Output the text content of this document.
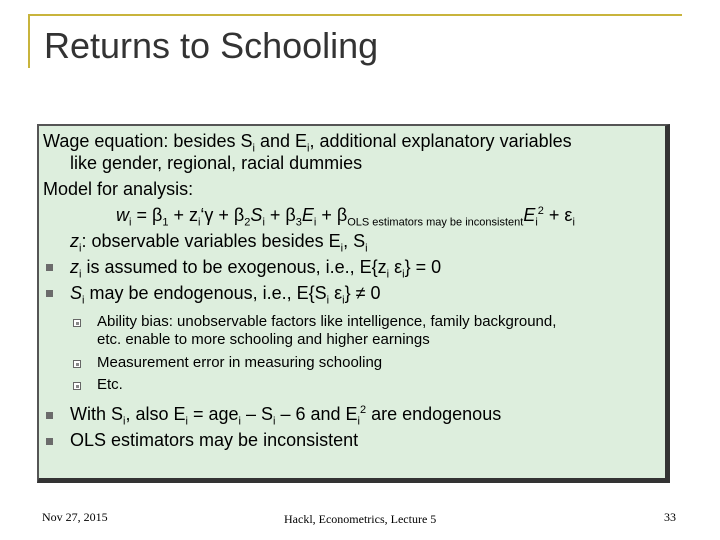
Returns to Schooling
Wage equation: besides $S_i$ and $E_i$, additional explanatory variables
like gender, regional, racial dummies
Model for analysis:
$w_i = \beta_1$ + $z_i‘\gamma + \beta_2S_i + \beta_3E_i + \beta_{OLS estimators may be inconsistent}E_i^2 + \varepsilon_i$
$z_i$: observable variables besides $E_i$, $S_i$
$z_i$ is assumed to be exogenous, i.e., $E\{z_i$ $\varepsilon_i\} = 0$
$S_i$ may be endogenous, i.e., $E\{S_i$ $\varepsilon_i\} \ne 0$
Ability bias: unobservable factors like intelligence, family background,
etc. enable to more schooling and higher earnings
Measurement error in measuring schooling
Etc.
With $S_i$, also $E_i = age_i - S_i - 6$ and $E_i^2$ are endogenous
OLS estimators may be inconsistent
Nov 27, 2015	Hackl, Econometrics, Lecture 5	33
